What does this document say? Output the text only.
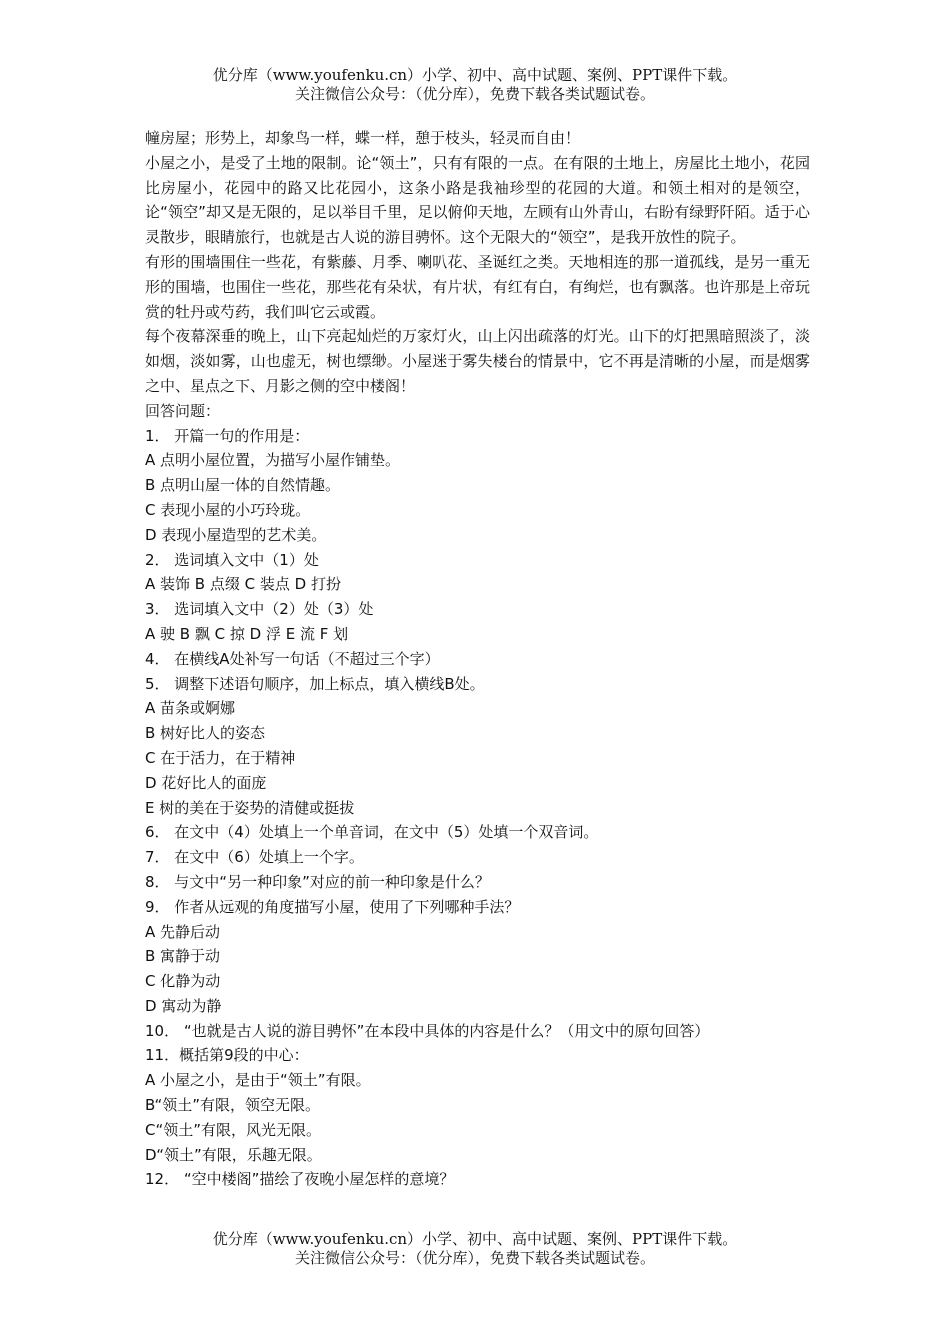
优分库（www.youfenku.cn）小学、初中、高中试题、案例、PPT课件下载。
关注微信公众号：（优分库），免费下载各类试题试卷。

幢房屋；形势上，却象鸟一样，蝶一样，憩于枝头，轻灵而自由！

小屋之小，是受了土地的限制。论“领土”，只有有限的一点。在有限的土地上，房屋比土地小，花园比房屋小，花园中的路又比花园小，这条小路是我袖珍型的花园的大道。和领土相对的是领空，论“领空”却又是无限的，足以举目千里，足以俯仰天地，左顾有山外青山，右盼有绿野阡陌。适于心灵散步，眼睛旅行，也就是古人说的游目骋怀。这个无限大的“领空”，是我开放性的院子。

有形的围墙围住一些花，有紫藤、月季、喇叭花、圣诞红之类。天地相连的那一道孤线，是另一重无形的围墙，也围住一些花，那些花有朵状，有片状，有红有白，有绚烂，也有飘落。也许那是上帝玩赏的牡丹或芍药，我们叫它云或霞。

每个夜幕深垂的晚上，山下亮起灿烂的万家灯火，山上闪出疏落的灯光。山下的灯把黑暗照淡了，淡如烟，淡如雾，山也虚无，树也缥缈。小屋迷于雾失楼台的情景中，它不再是清晰的小屋，而是烟雾之中、星点之下、月影之侧的空中楼阁！

回答问题：
1． 开篇一句的作用是：
A 点明小屋位置，为描写小屋作铺垫。
B 点明山屋一体的自然情趣。
C 表现小屋的小巧玲珑。
D 表现小屋造型的艺术美。
2． 选词填入文中（1）处
A 装饰 B 点缀 C 装点 D 打扮
3． 选词填入文中（2）处（3）处
A 驶 B 飘 C 掠 D 浮 E 流 F 划
4． 在横线A处补写一句话（不超过三个字）
5． 调整下述语句顺序，加上标点，填入横线B处。
A 苗条或婀娜
B 树好比人的姿态
C 在于活力，在于精神
D 花好比人的面庞
E 树的美在于姿势的清健或挺拔
6． 在文中（4）处填上一个单音词，在文中（5）处填一个双音词。
7． 在文中（6）处填上一个字。
8． 与文中“另一种印象”对应的前一种印象是什么？
9． 作者从远观的角度描写小屋，使用了下列哪种手法？
A 先静后动
B 寓静于动
C 化静为动
D 寓动为静
10． “也就是古人说的游目骋怀”在本段中具体的内容是什么？（用文中的原句回答）
11．概括第9段的中心：
A 小屋之小，是由于“领土”有限。
B“领土”有限，领空无限。
C“领土”有限，风光无限。
D“领土”有限，乐趣无限。
12． “空中楼阁”描绘了夜晚小屋怎样的意境？
优分库（www.youfenku.cn）小学、初中、高中试题、案例、PPT课件下载。
关注微信公众号：（优分库），免费下载各类试题试卷。
